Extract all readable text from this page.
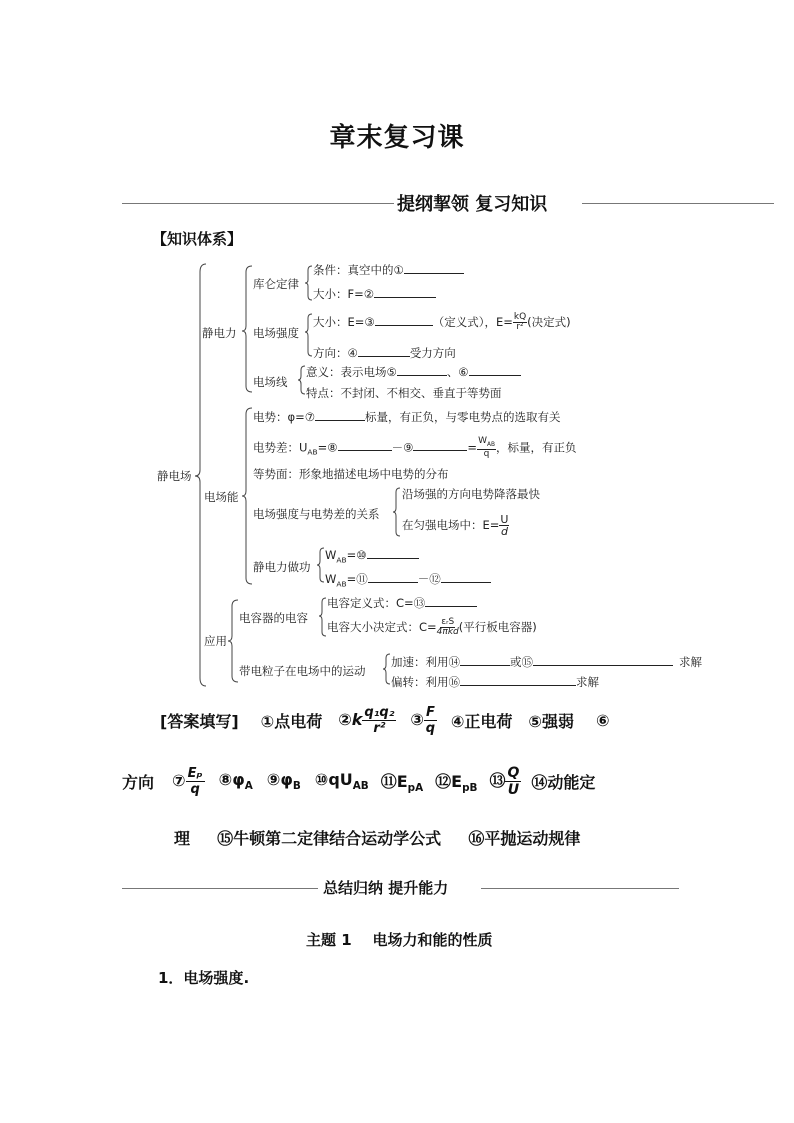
章末复习课
提纲挈领 复习知识
【知识体系】
静电场
静电力
电场能
应用
库仑定律
条件：真空中的①
大小：F=②
电场强度
大小：E=③	（定义式），$E= \frac{kQ}{\text{r²}}$ (决定式)
方向：④	受力方向
电场线
意义：表示电场⑤	、⑥
特点：不封闭、不相交、垂直于等势面
电势：φ=⑦	标量，有正负，与零电势点的选取有关
电势差：$U_{AB}=⑧$	－⑨	= $W_{AB}$
q ，标量，有正负
等势面：形象地描述电场中电势的分布
电场强度与电势差的关系
沿场强的方向电势降落最快
在匀强电场中：$E= \frac{U}{d}$
静电力做功
$W_{AB}=⑩$
$W_{AB}=⑪$	－⑫
电容器的电容
电容定义式：C=⑬
电容大小决定式：C= εᵣS
4πkd (平行板电容器)
带电粒子在电场中的运动
加速：利用⑭	或⑮	求解
偏转：利用⑯	求解
[答案填写] ①点电荷 ②k $\frac{\text{q₁q₂}}{\text{r²}}$ ③ $\frac{F}{q}$ ④正电荷 ⑤强弱 ⑥
方向 ⑦ $\frac{\text{Eₚ}}{q}$ $⑧\varphi_A$ $⑨\varphi_B$ $⑩qU_{AB}$ $⑪E_{pA}$ $⑫E_{pB}$ ⑬ $\frac{Q}{U}$ ⑭动能定
理 ⑮牛顿第二定律结合运动学公式 ⑯平抛运动规律
总结归纳 提升能力
主题 1    电场力和能的性质
1．电场强度.
